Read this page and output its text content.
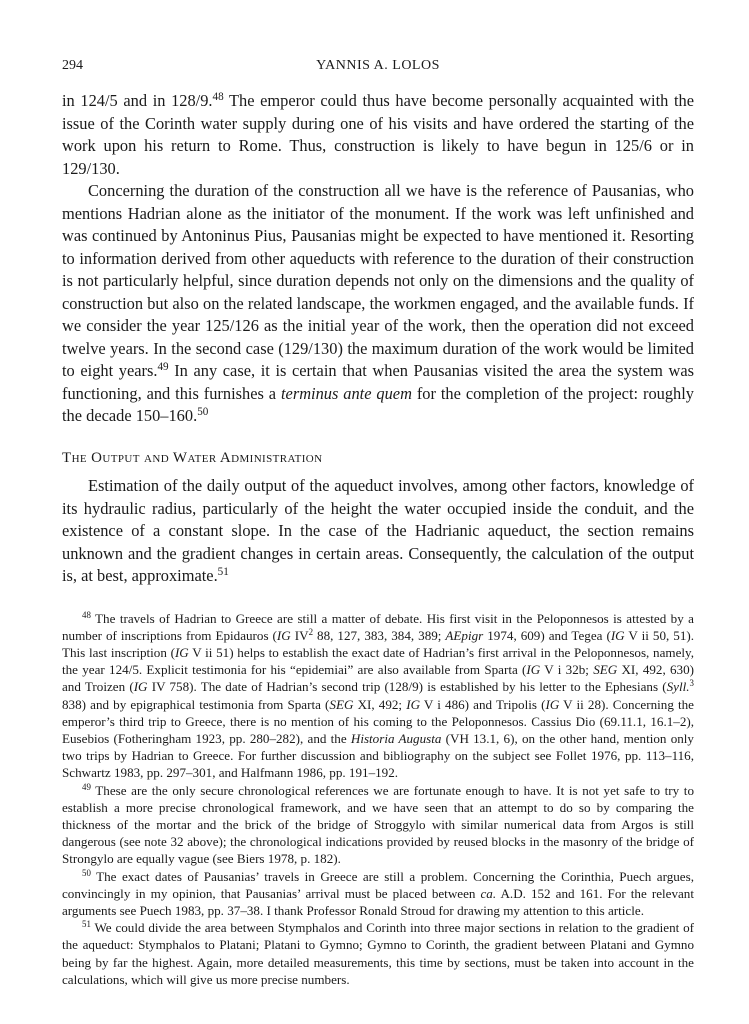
294	YANNIS A. LOLOS

in 124/5 and in 128/9.48 The emperor could thus have become personally acquainted with the issue of the Corinth water supply during one of his visits and have ordered the starting of the work upon his return to Rome. Thus, construction is likely to have begun in 125/6 or in 129/130.

Concerning the duration of the construction all we have is the reference of Pausanias, who mentions Hadrian alone as the initiator of the monument. If the work was left unfinished and was continued by Antoninus Pius, Pausanias might be expected to have mentioned it. Resorting to information derived from other aqueducts with reference to the duration of their construction is not particularly helpful, since duration depends not only on the dimensions and the quality of construction but also on the related landscape, the workmen engaged, and the available funds. If we consider the year 125/126 as the initial year of the work, then the operation did not exceed twelve years. In the second case (129/130) the maximum duration of the work would be limited to eight years.$^{49}$ In any case, it is certain that when Pausanias visited the area the system was functioning, and this furnishes a terminus ante quem for the completion of the project: roughly the decade 150–160.50

The Output and Water Administration

Estimation of the daily output of the aqueduct involves, among other factors, knowledge of its hydraulic radius, particularly of the height the water occupied inside the conduit, and the existence of a constant slope. In the case of the Hadrianic aqueduct, the section remains unknown and the gradient changes in certain areas. Consequently, the calculation of the output is, at best, approximate.$^{51}$

$^{48}$ The travels of Hadrian to Greece are still a matter of debate. His first visit in the Peloponnesos is attested by a number of inscriptions from Epidauros (IG $IV^2$ 88, 127, 383, 384, 389; AEpigr 1974, 609) and Tegea (IG V ii 50, 51). This last inscription (IG V ii 51) helps to establish the exact date of Hadrian’s first arrival in the Peloponnesos, namely, the year 124/5. Explicit testimonia for his “epidemiai” are also available from Sparta (IG V i 32b; SEG XI, 492, 630) and Troizen (IG IV 758). The date of Hadrian’s second trip (128/9) is established by his letter to the Ephesians (Syll.$^3$ 838) and by epigraphical testimonia from Sparta (SEG XI, 492; IG V i 486) and Tripolis (IG V ii 28). Concerning the emperor’s third trip to Greece, there is no mention of his coming to the Peloponnesos. Cassius Dio (69.11.1, 16.1–2), Eusebios (Fotheringham 1923, pp. 280–282), and the Historia Augusta (VH 13.1, 6), on the other hand, mention only two trips by Hadrian to Greece. For further discussion and bibliography on the subject see Follet 1976, pp. 113–116, Schwartz 1983, pp. 297–301, and Halfmann 1986, pp. 191–192.

$^{49}$ These are the only secure chronological references we are fortunate enough to have. It is not yet safe to try to establish a more precise chronological framework, and we have seen that an attempt to do so by comparing the thickness of the mortar and the brick of the bridge of Stroggylo with similar numerical data from Argos is still dangerous (see note 32 above); the chronological indications provided by reused blocks in the masonry of the bridge of Strongylo are equally vague (see Biers 1978, p. 182).

$^{50}$ The exact dates of Pausanias’ travels in Greece are still a problem. Concerning the Corinthia, Puech argues, convincingly in my opinion, that Pausanias’ arrival must be placed between ca. A.D. 152 and 161. For the relevant arguments see Puech 1983, pp. 37–38. I thank Professor Ronald Stroud for drawing my attention to this article.

$^{51}$ We could divide the area between Stymphalos and Corinth into three major sections in relation to the gradient of the aqueduct: Stymphalos to Platani; Platani to Gymno; Gymno to Corinth, the gradient between Platani and Gymno being by far the highest. Again, more detailed measurements, this time by sections, must be taken into account in the calculations, which will give us more precise numbers.
